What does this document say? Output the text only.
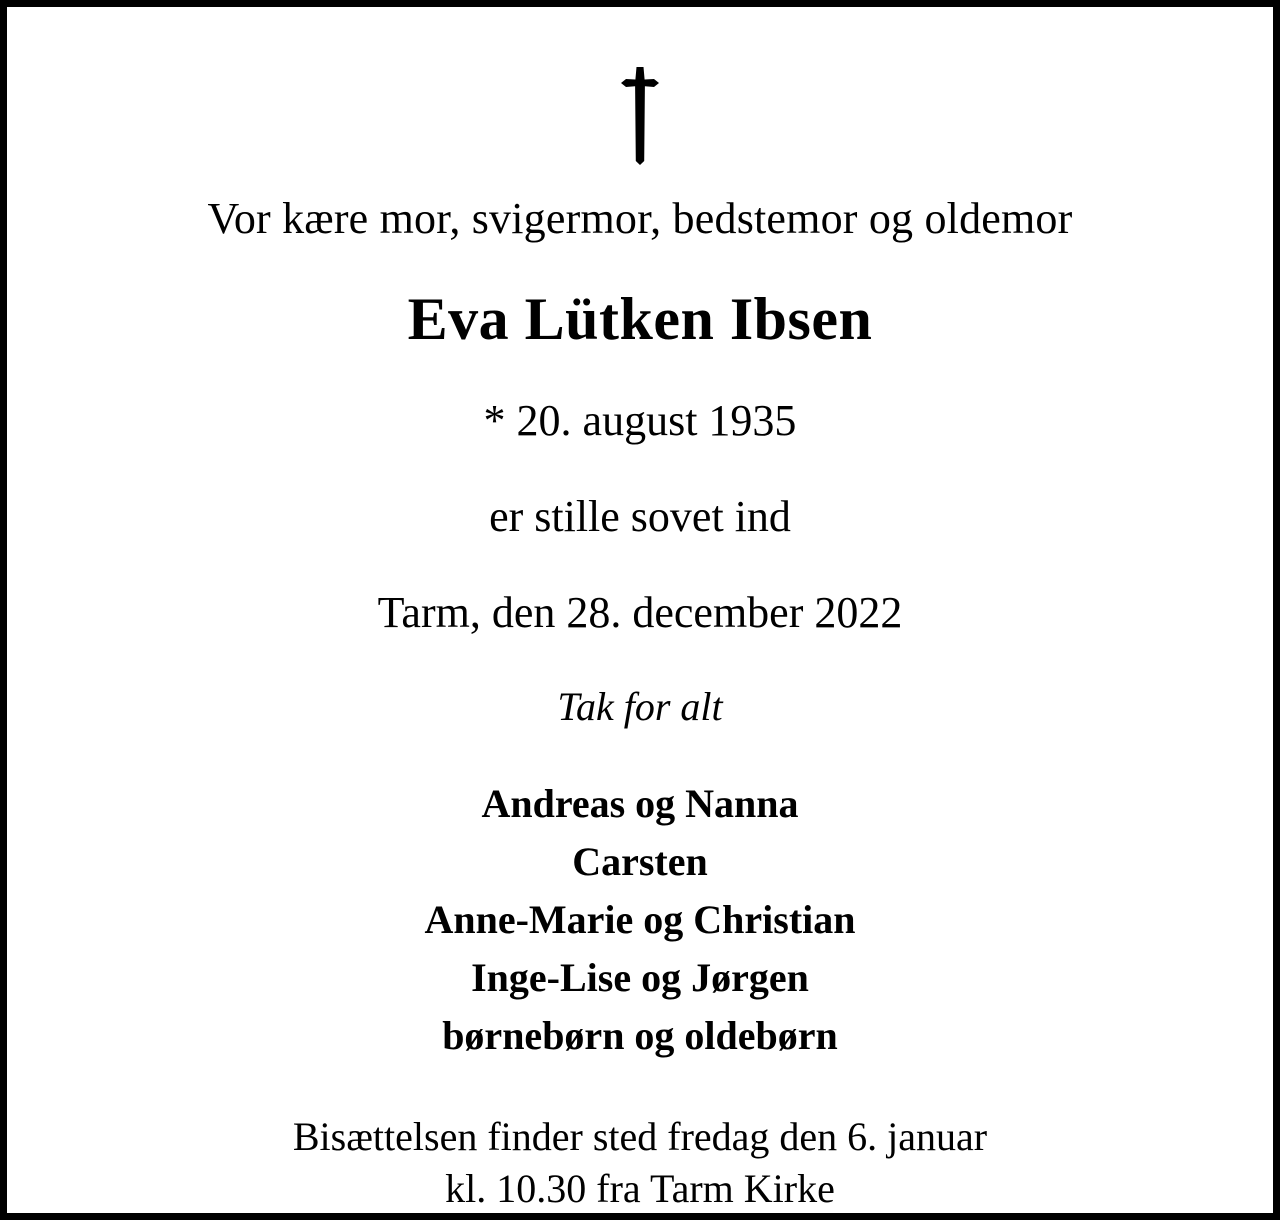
Vor kære mor, svigermor, bedstemor og oldemor
Eva Lütken Ibsen
* 20. august 1935
er stille sovet ind
Tarm, den 28. december 2022
Tak for alt
Andreas og Nanna
Carsten
Anne-Marie og Christian
Inge-Lise og Jørgen
børnebørn og oldebørn
Bisættelsen finder sted fredag den 6. januar
kl. 10.30 fra Tarm Kirke
